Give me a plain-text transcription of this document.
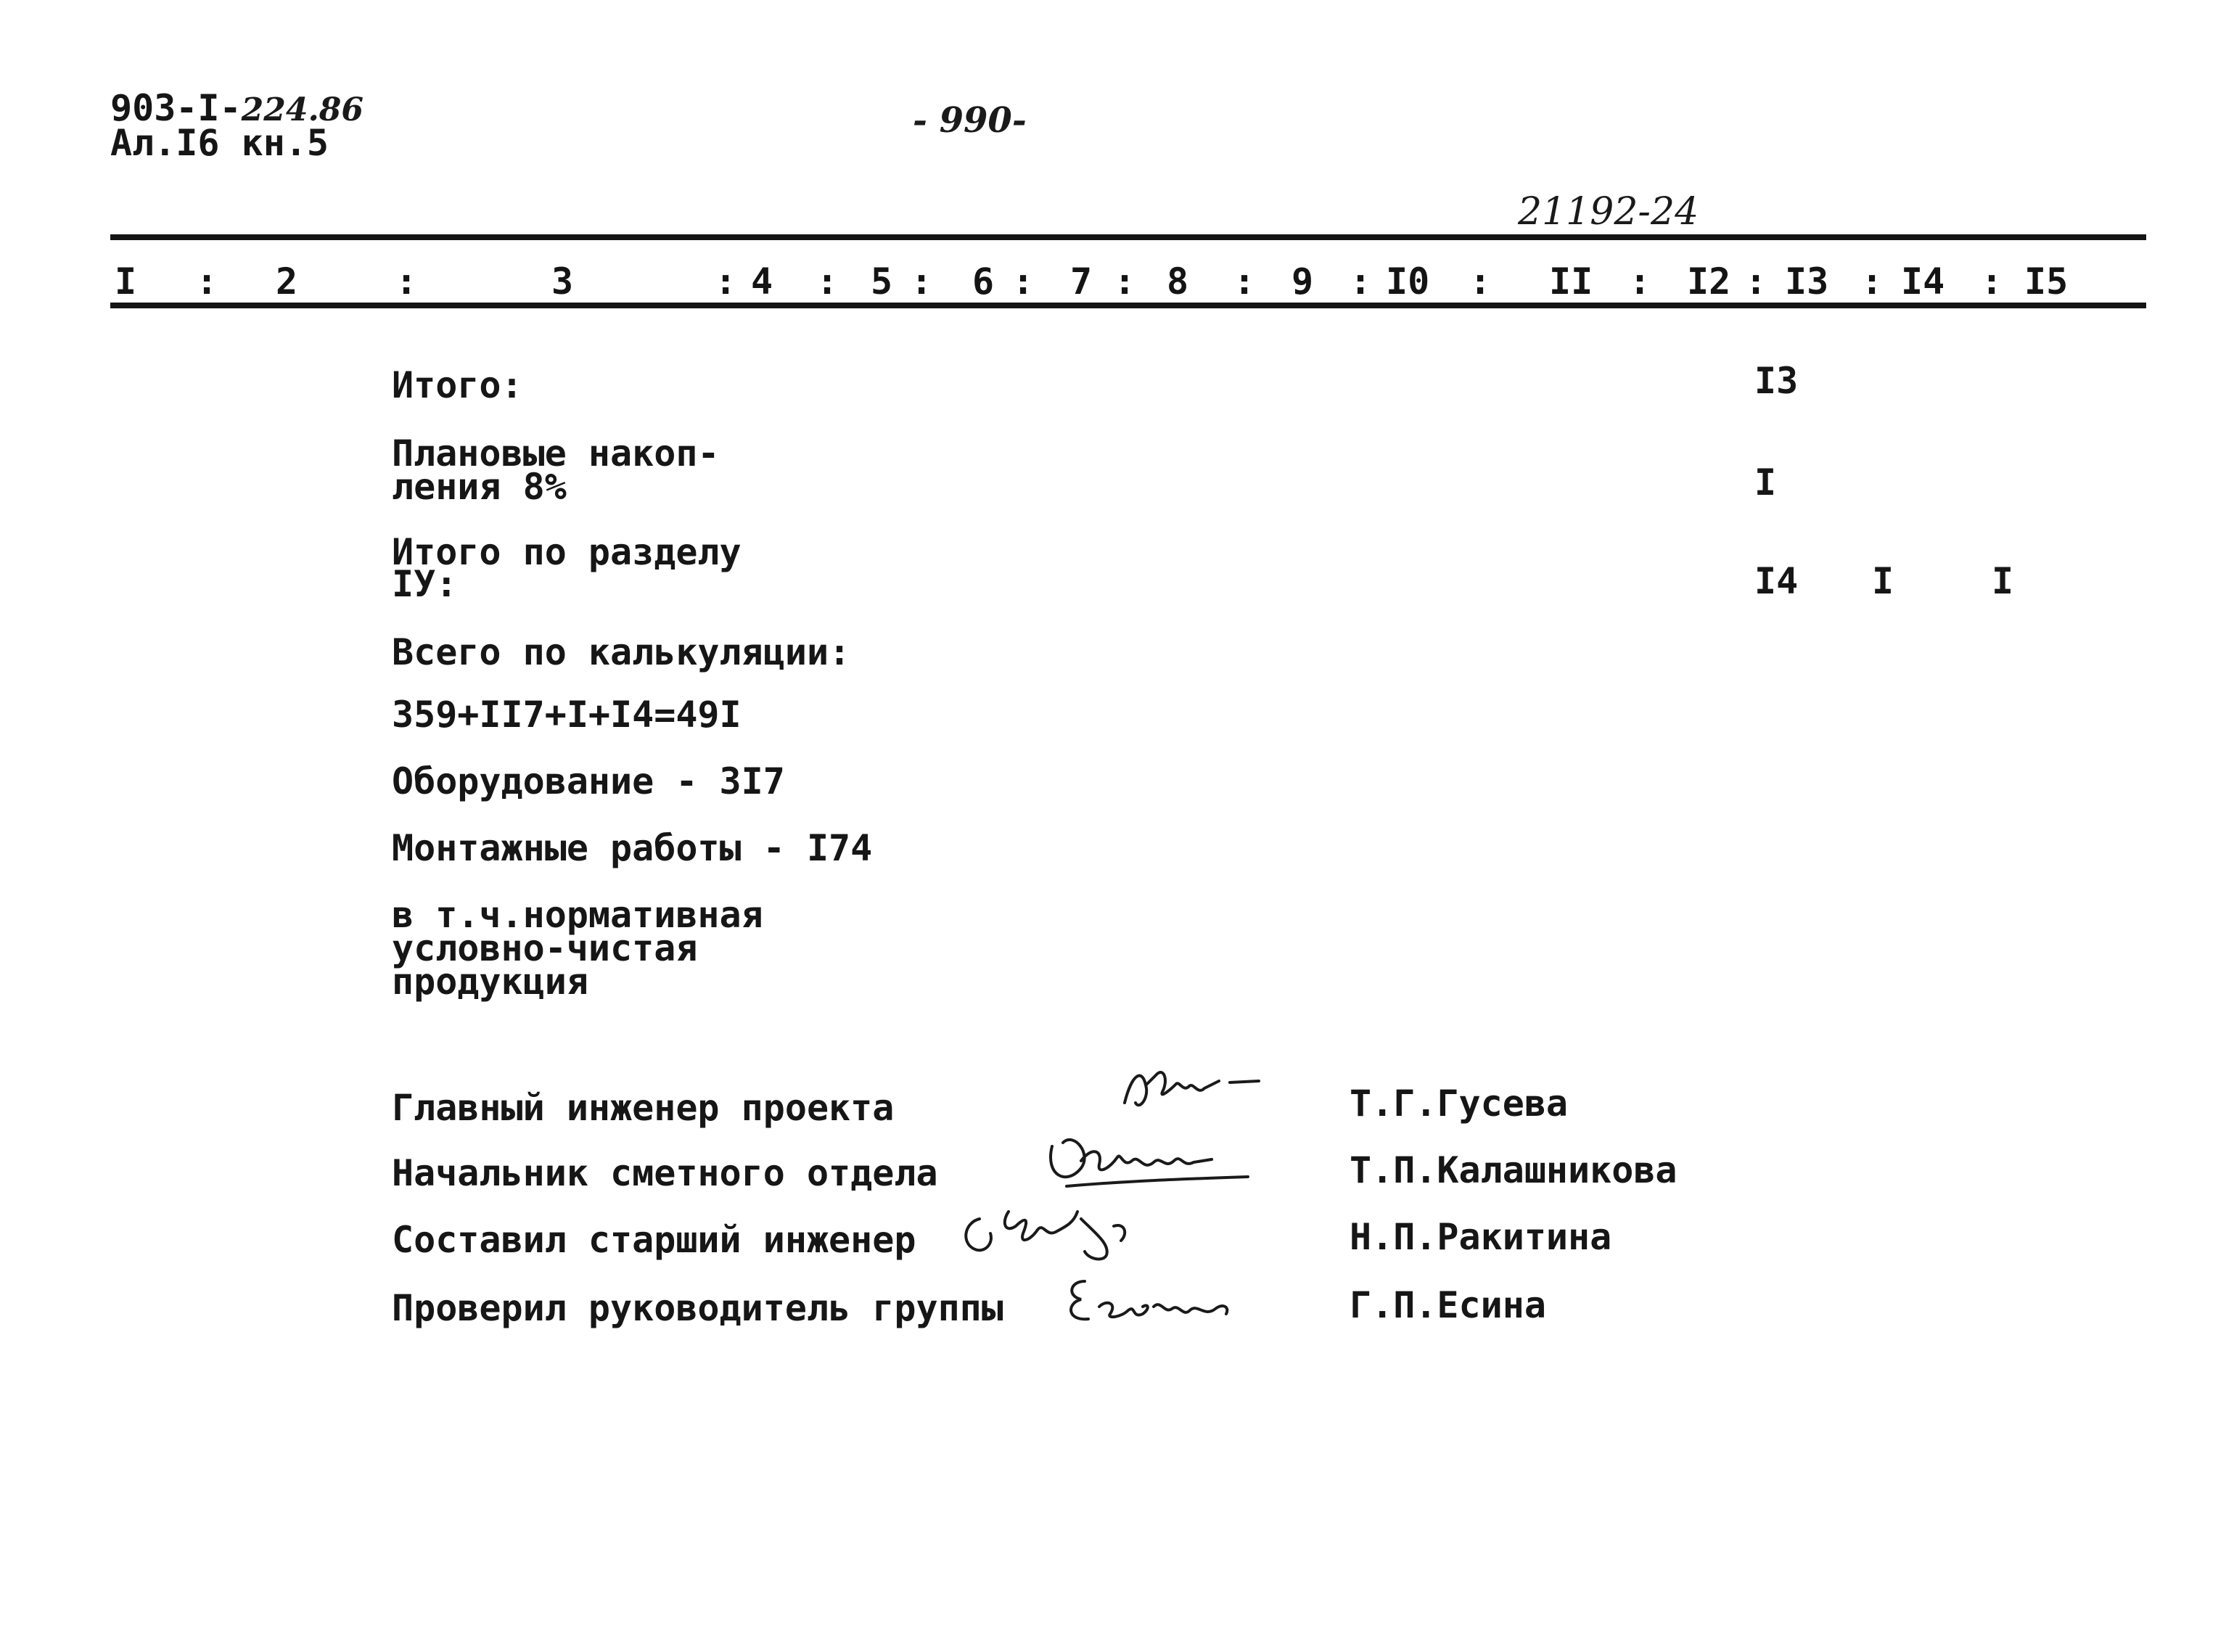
903-I-224.86
Ал.I6 кн.5
- 990-
21192-24
I : 2	:	3	: 4 : 5 : 6 : 7 : 8 : 9 : I0 : II : I2 : I3 : I4 : I5
Итого:	I3
Плановые накоп-
ления 8%	I
Итого по разделу
IУ:	I4 I	I
Всего по калькуляции:
359+II7+I+I4=49I
Оборудование - 3I7
Монтажные работы - I74
в т.ч.нормативная
условно-чистая
продукция
Главный инженер проекта	Т.Г.Гусева
Начальник сметного отдела	Т.П.Калашникова
Составил старший инженер	Н.П.Ракитина
Проверил руководитель группы	Г.П.Есина
